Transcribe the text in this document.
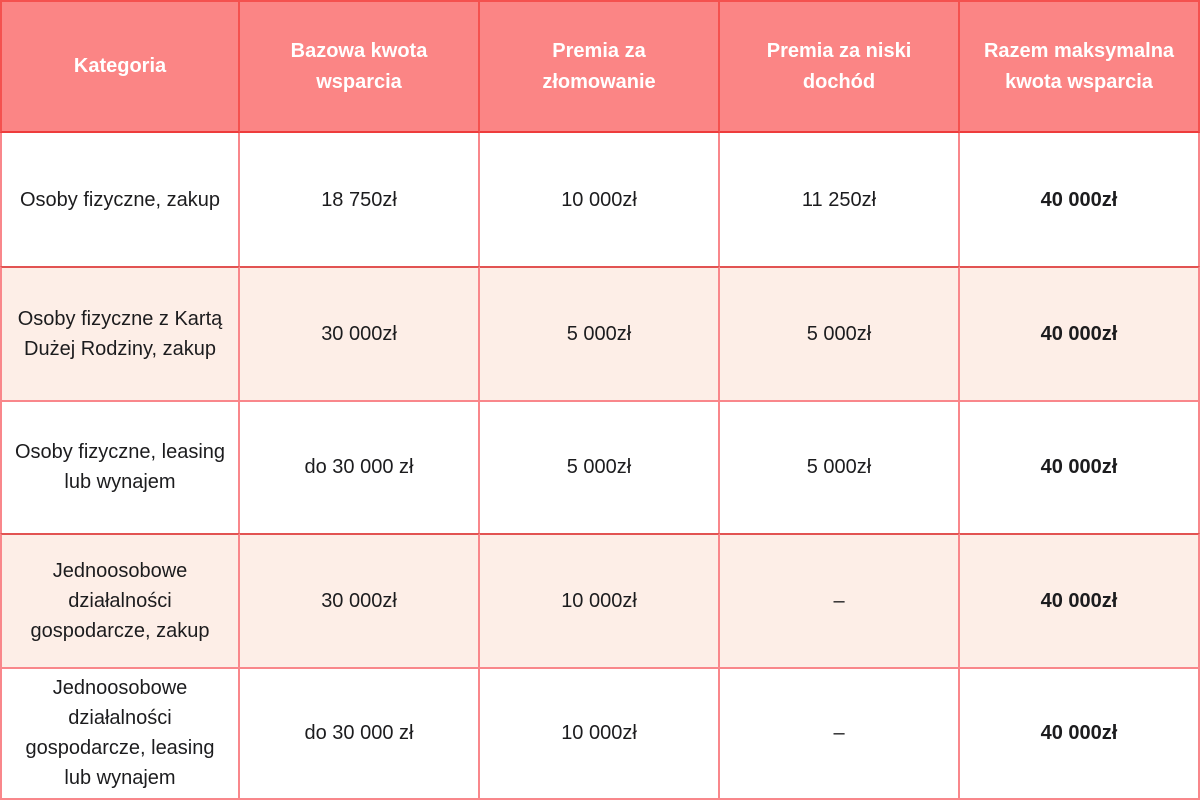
Kategoria	Bazowa kwota wsparcia	Premia za złomowanie	Premia za niski dochód	Razem maksymalna kwota wsparcia
Osoby fizyczne, zakup	18 750zł	10 000zł	11 250zł	40 000zł
Osoby fizyczne z Kartą Dużej Rodziny, zakup	30 000zł	5 000zł	5 000zł	40 000zł
Osoby fizyczne, leasing lub wynajem	do 30 000 zł	5 000zł	5 000zł	40 000zł
Jednoosobowe działalności gospodarcze, zakup	30 000zł	10 000zł	–	40 000zł
Jednoosobowe działalności gospodarcze, leasing lub wynajem	do 30 000 zł	10 000zł	–	40 000zł
